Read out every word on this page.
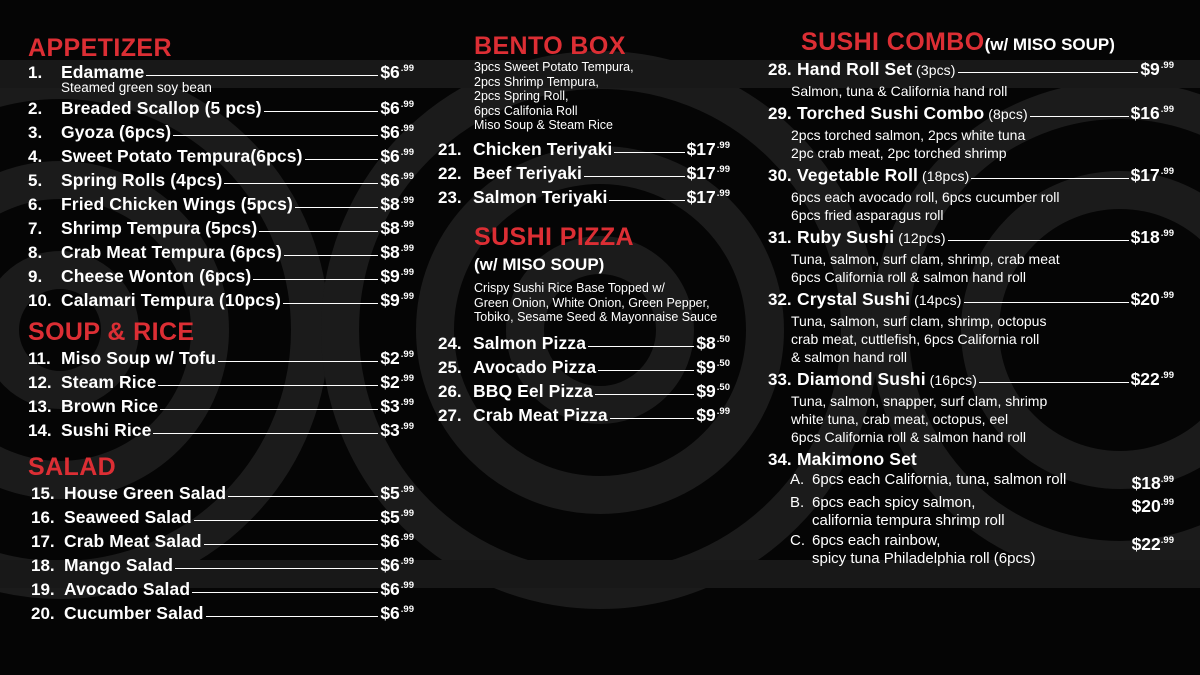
APPETIZER
1.	Edamame	$\$6^{.99}$
Steamed green soy bean
2.	Breaded Scallop (5 pcs)	$\$6^{.99}$
3.	Gyoza (6pcs)	$\$6^{.99}$
4.	Sweet Potato Tempura(6pcs)	$\$6^{.99}$
5.	Spring Rolls (4pcs)	$\$6^{.99}$
6.	Fried Chicken Wings (5pcs)	$\$8^{.99}$
7.	Shrimp Tempura (5pcs)	$\$8^{.99}$
8.	Crab Meat Tempura (6pcs)	$\$8^{.99}$
9.	Cheese Wonton (6pcs)	$\$9^{.99}$
10. Calamari Tempura (10pcs)	$\$9^{.99}$
SOUP & RICE
11. Miso Soup w/ Tofu	$\$2^{.99}$
12. Steam Rice	$\$2^{.99}$
13. Brown Rice	$\$3^{.99}$
14. Sushi Rice	$\$3^{.99}$
SALAD
15. House Green Salad	$\$5^{.99}$
16. Seaweed Salad	$\$5^{.99}$
17. Crab Meat Salad	$\$6^{.99}$
18. Mango Salad	$\$6^{.99}$
19. Avocado Salad	$\$6^{.99}$
20. Cucumber Salad	$\$6^{.99}$
BENTO BOX
3pcs Sweet Potato Tempura,
2pcs Shrimp Tempura,
2pcs Spring Roll,
6pcs Califonia Roll
Miso Soup & Steam Rice
21. Chicken Teriyaki	$\$17^{.99}$
22. Beef Teriyaki	$\$17^{.99}$
23. Salmon Teriyaki	$\$17^{.99}$
SUSHI PIZZA
(w/ MISO SOUP)
Crispy Sushi Rice Base Topped w/
Green Onion, White Onion, Green Pepper,
Tobiko, Sesame Seed & Mayonnaise Sauce
24. Salmon Pizza	$\$8^{.50}$
25. Avocado Pizza	$\$9^{.50}$
26. BBQ Eel Pizza	$\$9^{.50}$
27. Crab Meat Pizza	$\$9^{.99}$
SUSHI COMBO(w/ MISO SOUP)
28. Hand Roll Set (3pcs)	$\$9^{.99}$
Salmon, tuna & California hand roll
29. Torched Sushi Combo (8pcs)	$\$16^{.99}$
2pcs torched salmon, 2pcs white tuna
2pc crab meat, 2pc torched shrimp
30. Vegetable Roll (18pcs)	$\$17^{.99}$
6pcs each avocado roll, 6pcs cucumber roll
6pcs fried asparagus roll
31. Ruby Sushi (12pcs)	$\$18^{.99}$
Tuna, salmon, surf clam, shrimp, crab meat
6pcs California roll & salmon hand roll
32. Crystal Sushi (14pcs)	$\$20^{.99}$
Tuna, salmon, surf clam, shrimp, octopus
crab meat, cuttlefish, 6pcs California roll
& salmon hand roll
33. Diamond Sushi (16pcs)	$\$22^{.99}$
Tuna, salmon, snapper, surf clam, shrimp
white tuna, crab meat, octopus, eel
6pcs California roll & salmon hand roll
34. Makimono Set
A. 6pcs each California, tuna, salmon roll	$\$18^{.99}$
B. 6pcs each spicy salmon,
california tempura shrimp roll
$\$20^{.99}$
C. 6pcs each rainbow,
spicy tuna Philadelphia roll (6pcs)
$\$22^{.99}$
